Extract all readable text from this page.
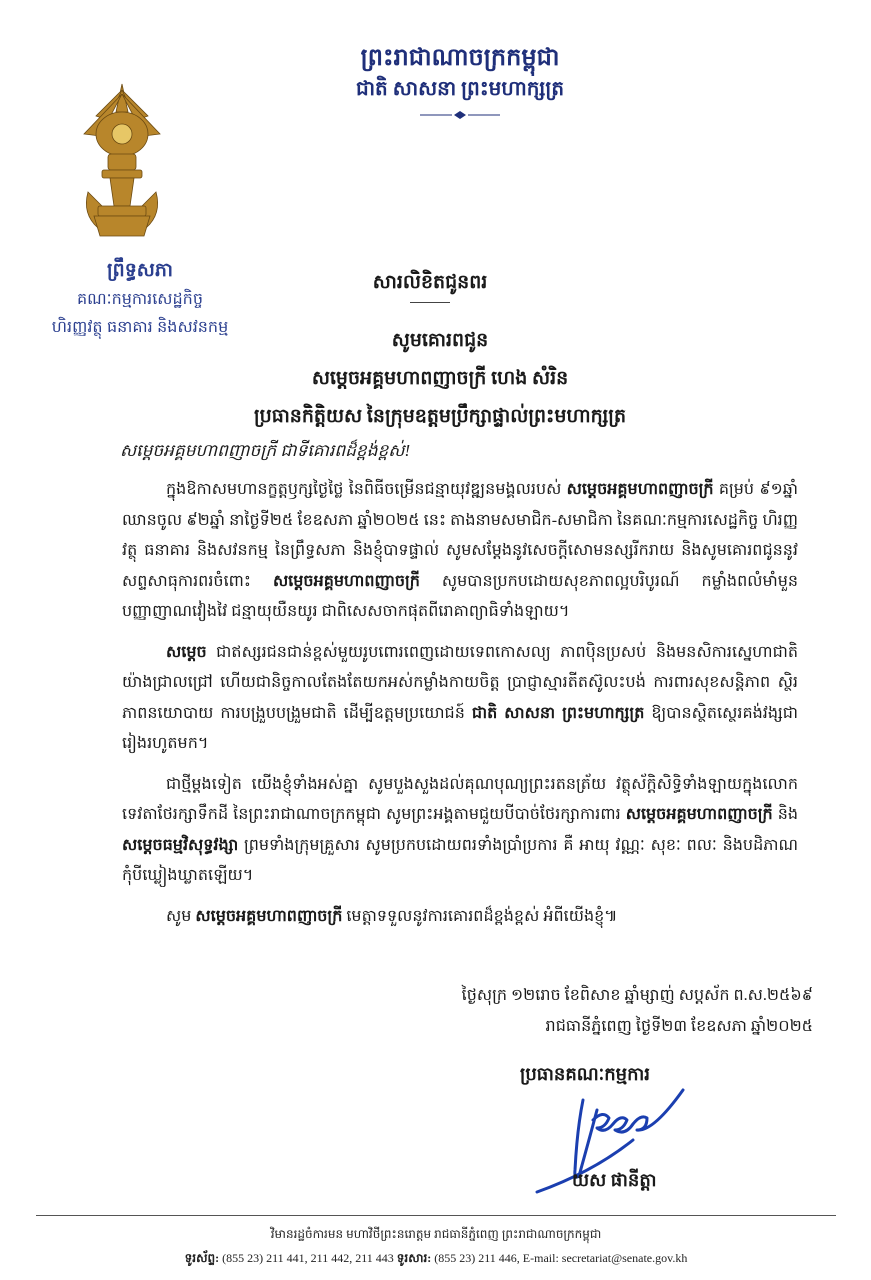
ព្រឹទ្ធសភា
គណៈកម្មការសេដ្ឋកិច្ច
ហិរញ្ញវត្ថុ ធនាគារ និងសវនកម្ម
ព្រះរាជាណាចក្រកម្ពុជា
ជាតិ សាសនា ព្រះមហាក្សត្រ
សារលិខិតជូនពរ
សូមគោរពជូន
សម្ដេចអគ្គមហាពញាចក្រី ហេង សំរិន
ប្រធានកិត្តិយស នៃក្រុមឧត្ដមប្រឹក្សាផ្ទាល់ព្រះមហាក្សត្រ
សម្ដេចអគ្គមហាពញាចក្រី ជាទីគោរពដ៏ខ្ពង់ខ្ពស់!

ក្នុងឱកាសមហានក្ខត្តឫក្សថ្ងៃថ្លៃ នៃពិធីចម្រើនជន្មាយុវឌ្ឍនមង្គលរបស់ សម្ដេចអគ្គមហាពញាចក្រី គម្រប់ ៩១ឆ្នាំ ឈានចូល ៩២ឆ្នាំ នាថ្ងៃទី២៥ ខែឧសភា ឆ្នាំ២០២៥ នេះ តាងនាមសមាជិក-សមាជិកា នៃគណៈកម្មការសេដ្ឋកិច្ច ហិរញ្ញវត្ថុ ធនាគារ និងសវនកម្ម នៃព្រឹទ្ធសភា និងខ្ញុំបាទផ្ទាល់ សូមសម្ដែងនូវសេចក្ដីសោមនស្សរីករាយ និងសូមគោរពជូននូវសព្ទសាធុការពរចំពោះ សម្ដេចអគ្គមហាពញាចក្រី សូមបានប្រកបដោយសុខភាពល្អបរិបូរណ៍ កម្លាំងពលំមាំមួន បញ្ញាញាណវៀងវៃ ជន្មាយុយឺនយូរ ជាពិសេសចាកផុតពីរោគាព្យាធិទាំងឡាយ។

សម្ដេច ជាឥស្សរជនជាន់ខ្ពស់មួយរូបពោរពេញដោយទេពកោសល្យ ភាពប៉ិនប្រសប់ និងមនសិការស្នេហាជាតិយ៉ាងជ្រាលជ្រៅ ហើយជានិច្ចកាលតែងតែយកអស់កម្លាំងកាយចិត្ត ប្រាជ្ញាស្មារតីតស៊ូលះបង់ ការពារសុខសន្តិភាព ស្ថិរភាពនយោបាយ ការបង្រួបបង្រួមជាតិ ដើម្បីឧត្ដមប្រយោជន៍ ជាតិ សាសនា ព្រះមហាក្សត្រ ឱ្យបានស្ថិតស្ថេរគង់វង្សជារៀងរហូតមក។

ជាថ្មីម្ដងទៀត យើងខ្ញុំទាំងអស់គ្នា សូមបួងសួងដល់គុណបុណ្យព្រះរតនត្រ័យ វត្ថុស័ក្ដិសិទ្ធិទាំងឡាយក្នុងលោក ទេវតាថែរក្សាទឹកដី នៃព្រះរាជាណាចក្រកម្ពុជា សូមព្រះអង្គតាមជួយបីបាច់ថែរក្សាការពារ សម្ដេចអគ្គមហាពញាចក្រី និង សម្ដេចធម្មវិសុទ្ធវង្សា ព្រមទាំងក្រុមគ្រួសារ សូមប្រកបដោយពរទាំងប្រាំប្រការ គឺ អាយុ វណ្ណៈ សុខៈ ពលៈ និងបដិភាណ កុំបីឃ្លៀងឃ្លាតឡើយ។

សូម សម្ដេចអគ្គមហាពញាចក្រី មេត្តាទទួលនូវការគោរពដ៏ខ្ពង់ខ្ពស់ អំពីយើងខ្ញុំ៕

ថ្ងៃសុក្រ ១២រោច ខែពិសាខ ឆ្នាំម្សាញ់ សប្តស័ក ព.ស.២៥៦៩
រាជធានីភ្នំពេញ ថ្ងៃទី២៣ ខែឧសភា ឆ្នាំ២០២៥
ប្រធានគណៈកម្មការ
យស ផានីត្តា
វិមានរដ្ឋចំការមន មហាវិថីព្រះនរោត្តម រាជធានីភ្នំពេញ ព្រះរាជាណាចក្រកម្ពុជា
ទូរស័ព្ទ: (855 23) 211 441, 211 442, 211 443 ទូរសារ: (855 23) 211 446, E-mail: secretariat@senate.gov.kh
